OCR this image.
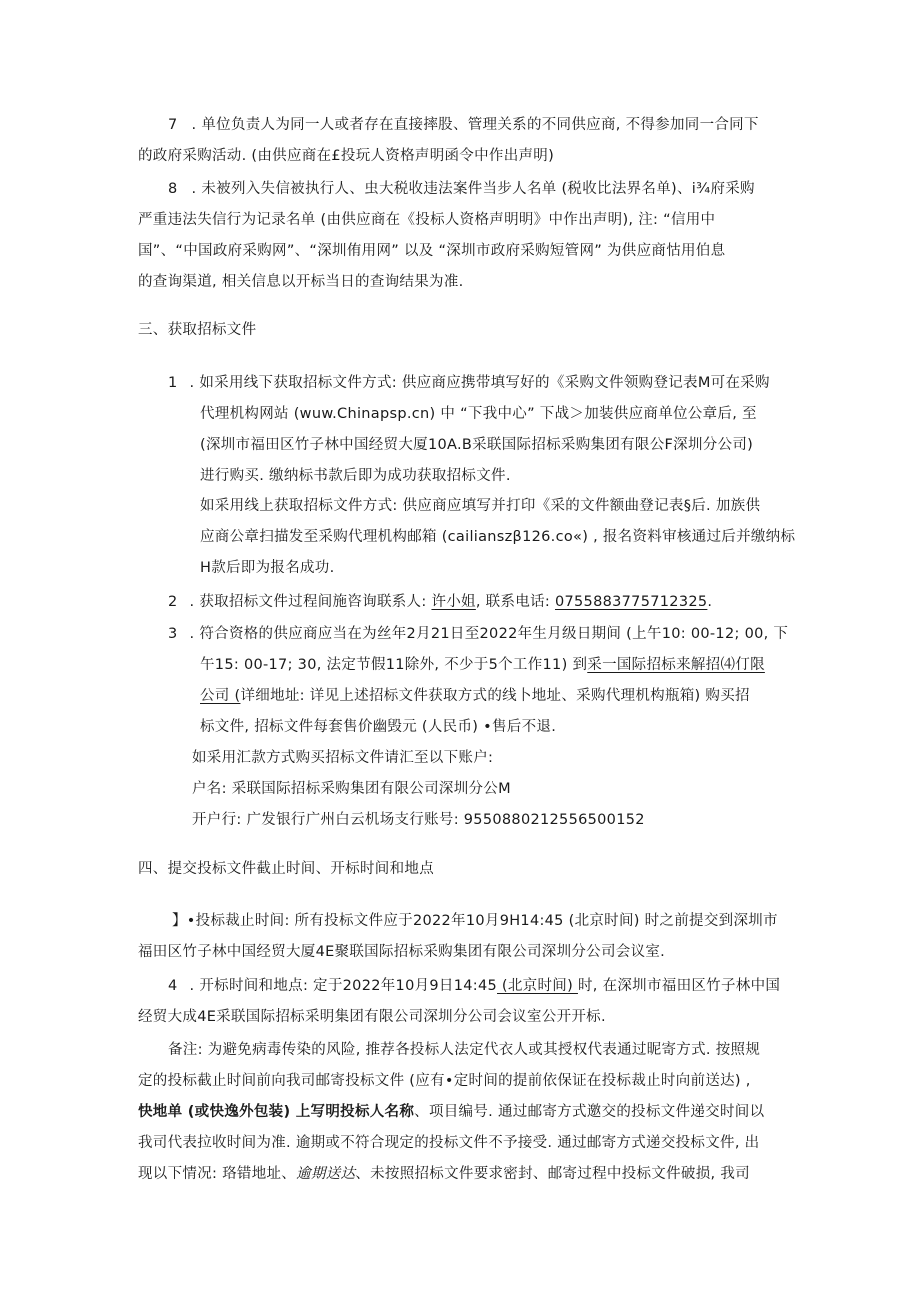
7 . 单位负责人为同一人或者存在直接摔股、管理关系的不同供应商, 不得参加同一合同下
的政府采购活动. (由供应商在£投玩人资格声明函令中作出声明)
8 . 未被列入失信被执行人、虫大税收违法案件当步人名单 (税收比法界名单)、i¾府采购
严重违法失信行为记录名单 (由供应商在《投标人资格声明明》中作出声明), 注: “信用中
国”、“中国政府采购网”、“深圳侑用网” 以及 “深圳市政府采购短管网” 为供应商怙用伯息
的查询渠道, 相关信息以开标当日的查询结果为准.
三、获取招标文件
1 . 如采用线下获取招标文件方式: 供应商应携带填写好的《采购文件领购登记表M可在采购
代理机构网站 (wuw.Chinapsp.cn) 中 “下我中心” 下战＞加装供应商单位公章后, 至
(深圳市福田区竹子林中国经贸大厦10A.B采联国际招标采购集团有限公F深圳分公司)
进行购买. 缴纳标书款后即为成功获取招标文件.
如采用线上获取招标文件方式: 供应商应填写并打印《采的文件额曲登记表§后. 加族供
应商公章扫描发至采购代理机构邮箱 (cailianszβ126.co«) , 报名资料审核通过后并缴纳标
H款后即为报名成功.
2 . 获取招标文件过程间施咨询联系人: 许小姐, 联系电话: 0755883775712325.
3 . 符合资格的供应商应当在为丝年2月21日至2022年生月级日期间 (上午10: 00-12; 00, 下
午15: 00-17; 30, 法定节假11除外, 不少于5个工作11) 到采一国际招标来解招⑷仃限
公司 (详细地址: 详见上述招标文件获取方式的线卜地址、采购代理机构瓶箱) 购买招
标文件, 招标文件每套售价幽毁元 (人民币) •售后不退.
如采用汇款方式购买招标文件请汇至以下账户:
户名: 采联国际招标采购集团有限公司深圳分公M
开户行: 广发银行广州白云机场支行账号: 9550880212556500152
四、提交投标文件截止时间、开标时间和地点
】•投标裁止时间: 所有投标文件应于2022年10月9H14:45 (北京时间) 时之前提交到深圳市
福田区竹子林中国经贸大厦4E聚联国际招标采购集团有限公司深圳分公司会议室.
4 . 开标时间和地点: 定于2022年10月9日14:45 (北京时间) 时, 在深圳市福田区竹子林中国
经贸大成4E采联国际招标采明集团有限公司深圳分公司会议室公开开标.
备注: 为避免病毒传染的风险, 推荐各投标人法定代衣人或其授权代表通过昵寄方式. 按照规
定的投标截止时间前向我司邮寄投标文件 (应有•定时间的提前依保证在投标裁止时向前送达) ,
快地单 (或快逸外包装) 上写明投标人名称、项目编号. 通过邮寄方式邀交的投标文件递交时间以
我司代表拉收时间为准. 逾期或不符合现定的投标文件不予接受. 通过邮寄方式递交投标文件, 出
现以下情况: 珞错地址、逾期送达、未按照招标文件要求密封、邮寄过程中投标文件破损, 我司
